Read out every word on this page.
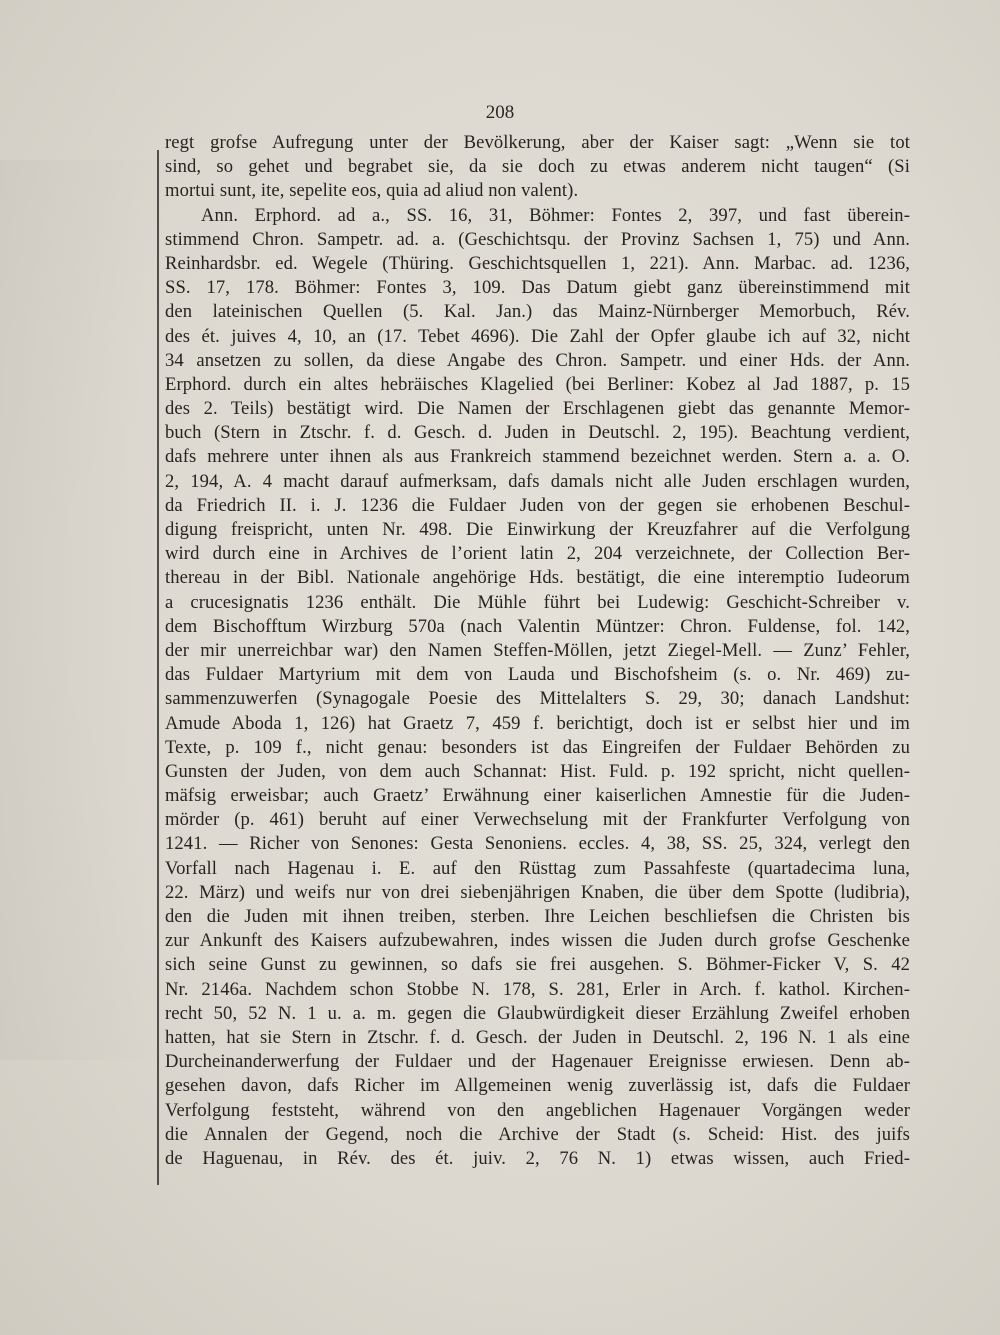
208
regt grofse Aufregung unter der Bevölkerung, aber der Kaiser sagt: „Wenn sie tot
sind, so gehet und begrabet sie, da sie doch zu etwas anderem nicht taugen“ (Si
mortui sunt, ite, sepelite eos, quia ad aliud non valent).
Ann. Erphord. ad a., SS. 16, 31, Böhmer: Fontes 2, 397, und fast überein-
stimmend Chron. Sampetr. ad. a. (Geschichtsqu. der Provinz Sachsen 1, 75) und Ann.
Reinhardsbr. ed. Wegele (Thüring. Geschichtsquellen 1, 221). Ann. Marbac. ad. 1236,
SS. 17, 178. Böhmer: Fontes 3, 109. Das Datum giebt ganz übereinstimmend mit
den lateinischen Quellen (5. Kal. Jan.) das Mainz-Nürnberger Memorbuch, Rév.
des ét. juives 4, 10, an (17. Tebet 4696). Die Zahl der Opfer glaube ich auf 32, nicht
34 ansetzen zu sollen, da diese Angabe des Chron. Sampetr. und einer Hds. der Ann.
Erphord. durch ein altes hebräisches Klagelied (bei Berliner: Kobez al Jad 1887, p. 15
des 2. Teils) bestätigt wird. Die Namen der Erschlagenen giebt das genannte Memor-
buch (Stern in Ztschr. f. d. Gesch. d. Juden in Deutschl. 2, 195). Beachtung verdient,
dafs mehrere unter ihnen als aus Frankreich stammend bezeichnet werden. Stern a. a. O.
2, 194, A. 4 macht darauf aufmerksam, dafs damals nicht alle Juden erschlagen wurden,
da Friedrich II. i. J. 1236 die Fuldaer Juden von der gegen sie erhobenen Beschul-
digung freispricht, unten Nr. 498. Die Einwirkung der Kreuzfahrer auf die Verfolgung
wird durch eine in Archives de l’orient latin 2, 204 verzeichnete, der Collection Ber-
thereau in der Bibl. Nationale angehörige Hds. bestätigt, die eine interemptio Iudeorum
a crucesignatis 1236 enthält. Die Mühle führt bei Ludewig: Geschicht-Schreiber v.
dem Bischofftum Wirzburg 570a (nach Valentin Müntzer: Chron. Fuldense, fol. 142,
der mir unerreichbar war) den Namen Steffen-Möllen, jetzt Ziegel-Mell. — Zunz’ Fehler,
das Fuldaer Martyrium mit dem von Lauda und Bischofsheim (s. o. Nr. 469) zu-
sammenzuwerfen (Synagogale Poesie des Mittelalters S. 29, 30; danach Landshut:
Amude Aboda 1, 126) hat Graetz 7, 459 f. berichtigt, doch ist er selbst hier und im
Texte, p. 109 f., nicht genau: besonders ist das Eingreifen der Fuldaer Behörden zu
Gunsten der Juden, von dem auch Schannat: Hist. Fuld. p. 192 spricht, nicht quellen-
mäfsig erweisbar; auch Graetz’ Erwähnung einer kaiserlichen Amnestie für die Juden-
mörder (p. 461) beruht auf einer Verwechselung mit der Frankfurter Verfolgung von
1241. — Richer von Senones: Gesta Senoniens. eccles. 4, 38, SS. 25, 324, verlegt den
Vorfall nach Hagenau i. E. auf den Rüsttag zum Passahfeste (quartadecima luna,
22. März) und weifs nur von drei siebenjährigen Knaben, die über dem Spotte (ludibria),
den die Juden mit ihnen treiben, sterben. Ihre Leichen beschliefsen die Christen bis
zur Ankunft des Kaisers aufzubewahren, indes wissen die Juden durch grofse Geschenke
sich seine Gunst zu gewinnen, so dafs sie frei ausgehen. S. Böhmer-Ficker V, S. 42
Nr. 2146a. Nachdem schon Stobbe N. 178, S. 281, Erler in Arch. f. kathol. Kirchen-
recht 50, 52 N. 1 u. a. m. gegen die Glaubwürdigkeit dieser Erzählung Zweifel erhoben
hatten, hat sie Stern in Ztschr. f. d. Gesch. der Juden in Deutschl. 2, 196 N. 1 als eine
Durcheinanderwerfung der Fuldaer und der Hagenauer Ereignisse erwiesen. Denn ab-
gesehen davon, dafs Richer im Allgemeinen wenig zuverlässig ist, dafs die Fuldaer
Verfolgung feststeht, während von den angeblichen Hagenauer Vorgängen weder
die Annalen der Gegend, noch die Archive der Stadt (s. Scheid: Hist. des juifs
de Haguenau, in Rév. des ét. juiv. 2, 76 N. 1) etwas wissen, auch Fried-
